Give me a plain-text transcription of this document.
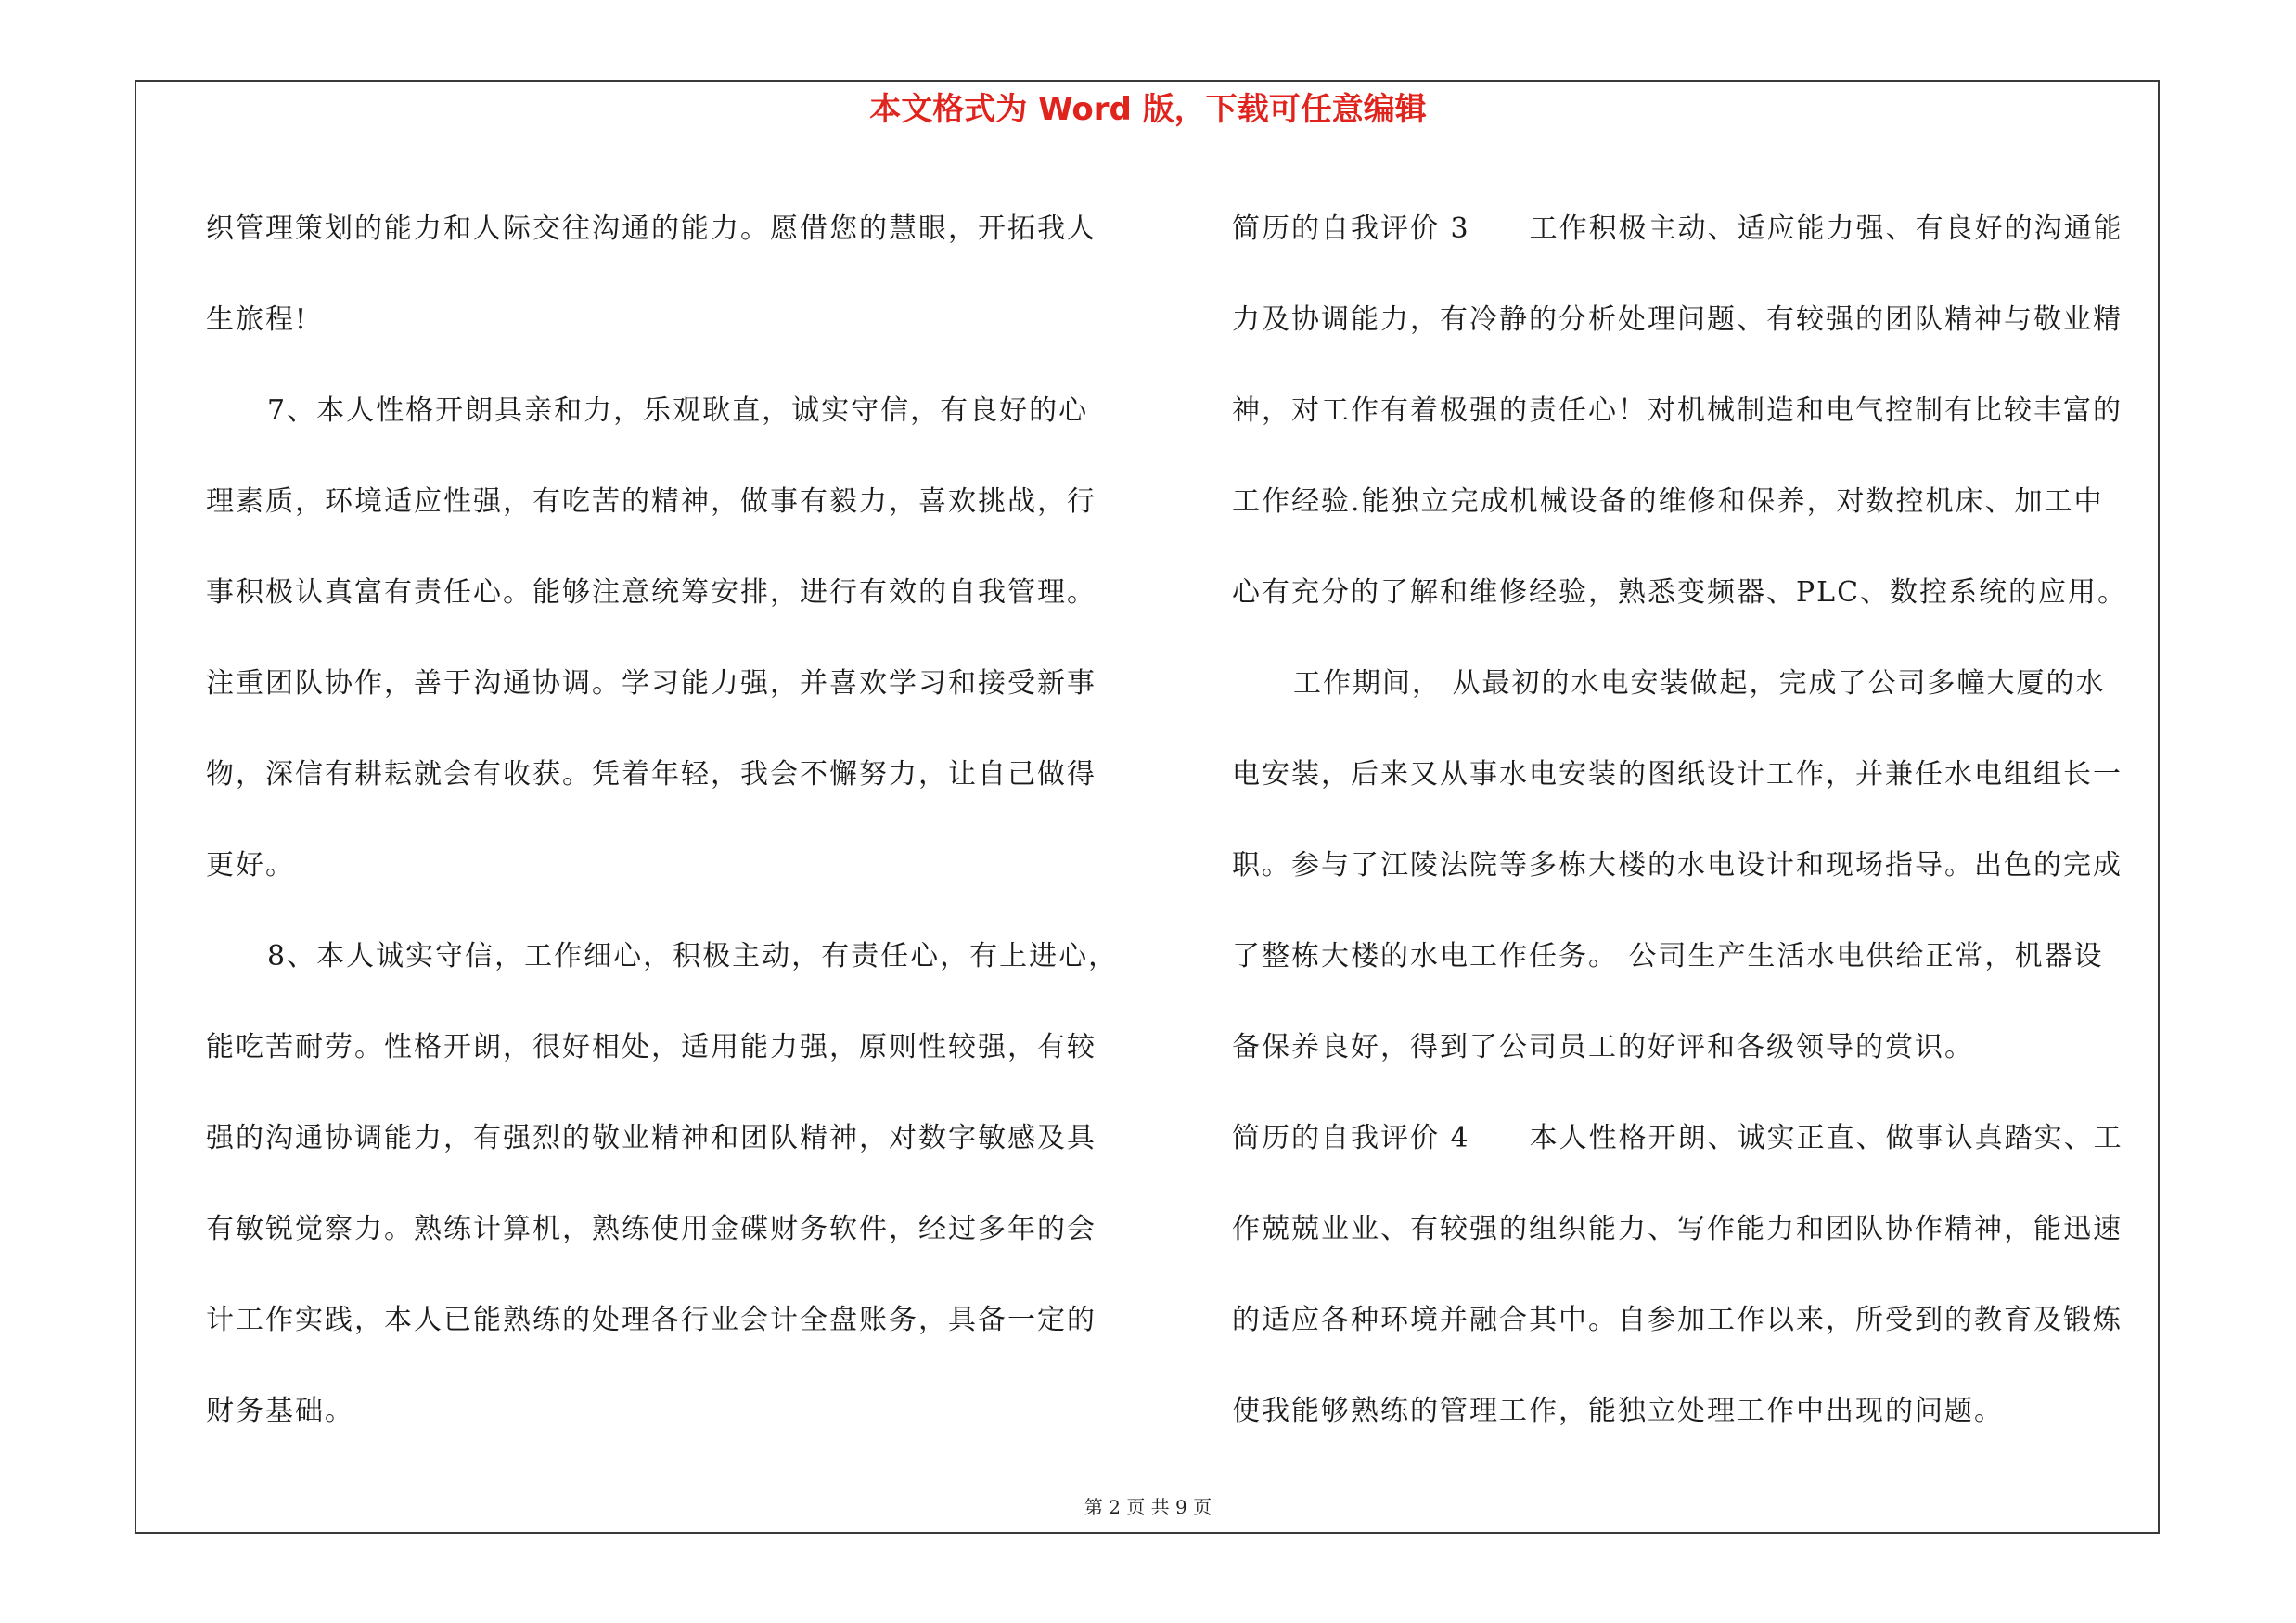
本文格式为 Word 版，下载可任意编辑
织管理策划的能力和人际交往沟通的能力。愿借您的慧眼，开拓我人
生旅程!
7、本人性格开朗具亲和力，乐观耿直，诚实守信，有良好的心
理素质，环境适应性强，有吃苦的精神，做事有毅力，喜欢挑战，行
事积极认真富有责任心。能够注意统筹安排，进行有效的自我管理。
注重团队协作，善于沟通协调。学习能力强，并喜欢学习和接受新事
物，深信有耕耘就会有收获。凭着年轻，我会不懈努力，让自己做得
更好。
8、本人诚实守信，工作细心，积极主动，有责任心，有上进心，
能吃苦耐劳。性格开朗，很好相处，适用能力强，原则性较强，有较
强的沟通协调能力，有强烈的敬业精神和团队精神，对数字敏感及具
有敏锐觉察力。熟练计算机，熟练使用金碟财务软件，经过多年的会
计工作实践，本人已能熟练的处理各行业会计全盘账务，具备一定的
财务基础。
简历的自我评价 3　　工作积极主动、适应能力强、有良好的沟通能
力及协调能力，有冷静的分析处理问题、有较强的团队精神与敬业精
神，对工作有着极强的责任心！对机械制造和电气控制有比较丰富的
工作经验.能独立完成机械设备的维修和保养，对数控机床、加工中
心有充分的了解和维修经验，熟悉变频器、PLC、数控系统的应用。
工作期间， 从最初的水电安装做起，完成了公司多幢大厦的水
电安装，后来又从事水电安装的图纸设计工作，并兼任水电组组长一
职。参与了江陵法院等多栋大楼的水电设计和现场指导。出色的完成
了整栋大楼的水电工作任务。 公司生产生活水电供给正常，机器设
备保养良好，得到了公司员工的好评和各级领导的赏识。
简历的自我评价 4　　本人性格开朗、诚实正直、做事认真踏实、工
作兢兢业业、有较强的组织能力、写作能力和团队协作精神，能迅速
的适应各种环境并融合其中。自参加工作以来，所受到的教育及锻炼
使我能够熟练的管理工作，能独立处理工作中出现的问题。
第 2 页 共 9 页
